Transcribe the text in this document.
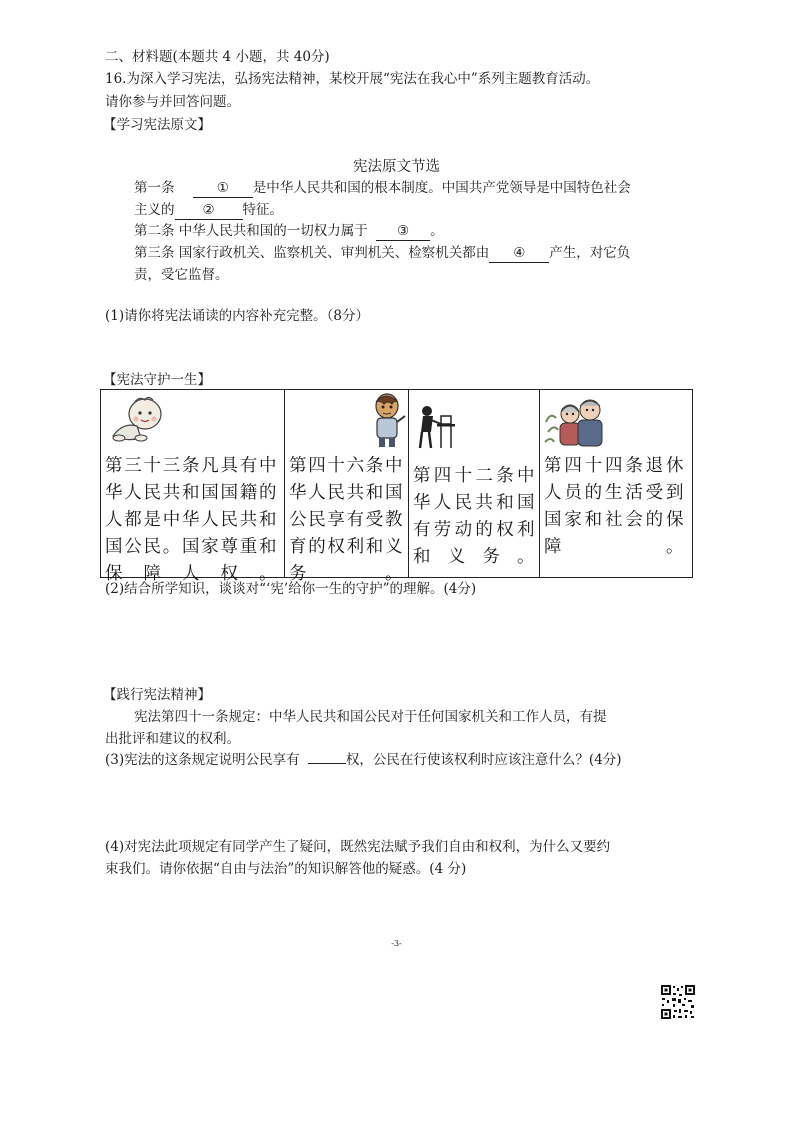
二、材料题(本题共 4 小题，共 40分)
16.为深入学习宪法，弘扬宪法精神，某校开展“宪法在我心中”系列主题教育活动。
请你参与并回答问题。
【学习宪法原文】
宪法原文节选
第一条	① 是中华人民共和国的根本制度。中国共产党领导是中国特色社会
主义的 ② 特征。
第二条 中华人民共和国的一切权力属于 ③ 。
第三条 国家行政机关、监察机关、审判机关、检察机关都由 ④ 产生，对它负
责，受它监督。
(1)请你将宪法诵读的内容补充完整。（8分）
【宪法守护一生】
第三十三条凡具有中华人民共和国国籍的人都是中华人民共和国公民。国家尊重和保障人权。

第四十六条中华人民共和国公民享有受教育的权利和义务。

第四十二条中华人民共和国有劳动的权利和义务。

第四十四条退休人员的生活受到国家和社会的保障。
(2)结合所学知识，谈谈对“‘宪’给你一生的守护”的理解。(4分)
【践行宪法精神】
宪法第四十一条规定：中华人民共和国公民对于任何国家机关和工作人员，有提
出批评和建议的权利。
(3)宪法的这条规定说明公民享有	权，公民在行使该权利时应该注意什么？(4分)
(4)对宪法此项规定有同学产生了疑问，既然宪法赋予我们自由和权利，为什么又要约
束我们。请你依据“自由与法治”的知识解答他的疑惑。(4 分)
-3-
